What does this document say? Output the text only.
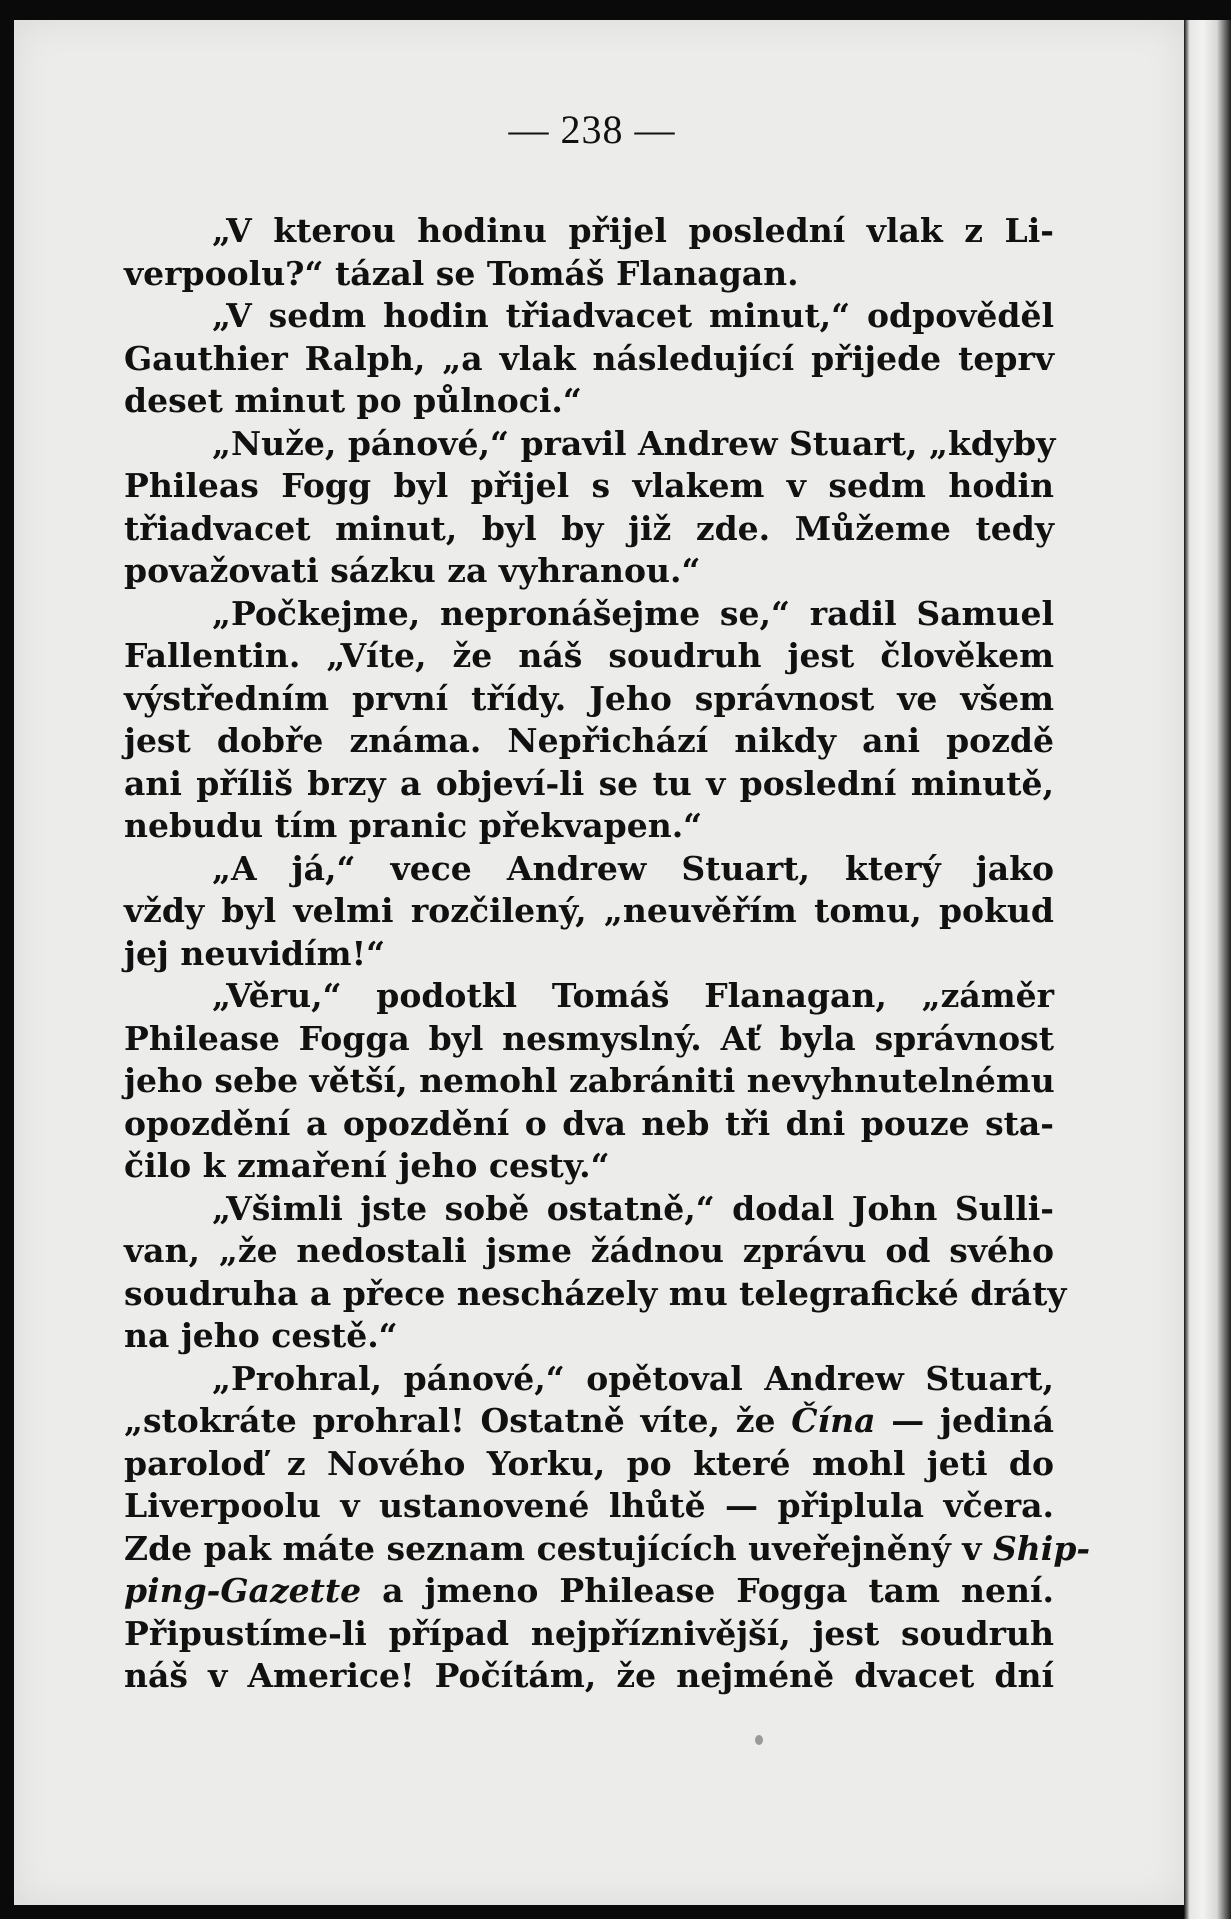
— 238 —
„V kterou hodinu přijel poslední vlak z Li-
verpoolu?“ tázal se Tomáš Flanagan.
„V sedm hodin třiadvacet minut,“ odpověděl
Gauthier Ralph, „a vlak následující přijede teprv
deset minut po půlnoci.“
„Nuže, pánové,“ pravil Andrew Stuart, „kdyby
Phileas Fogg byl přijel s vlakem v sedm hodin
třiadvacet minut, byl by již zde. Můžeme tedy
považovati sázku za vyhranou.“
„Počkejme, nepronášejme se,“ radil Samuel
Fallentin. „Víte, že náš soudruh jest člověkem
výstředním první třídy. Jeho správnost ve všem
jest dobře známa. Nepřichází nikdy ani pozdě
ani příliš brzy a objeví-li se tu v poslední minutě,
nebudu tím pranic překvapen.“
„A já,“ vece Andrew Stuart, který jako
vždy byl velmi rozčilený, „neuvěřím tomu, pokud
jej neuvidím!“
„Věru,“ podotkl Tomáš Flanagan, „záměr
Philease Fogga byl nesmyslný. Ať byla správnost
jeho sebe větší, nemohl zabrániti nevyhnutelnému
opozdění a opozdění o dva neb tři dni pouze sta-
čilo k zmaření jeho cesty.“
„Všimli jste sobě ostatně,“ dodal John Sulli-
van, „že nedostali jsme žádnou zprávu od svého
soudruha a přece nescházely mu telegrafické dráty
na jeho cestě.“
„Prohral, pánové,“ opětoval Andrew Stuart,
„stokráte prohral! Ostatně víte, že Čína — jediná
paroloď z Nového Yorku, po které mohl jeti do
Liverpoolu v ustanovené lhůtě — připlula včera.
Zde pak máte seznam cestujících uveřejněný v Ship-
ping-Gazette a jmeno Philease Fogga tam není.
Připustíme-li případ nejpříznivější, jest soudruh
náš v Americe! Počítám, že nejméně dvacet dní
